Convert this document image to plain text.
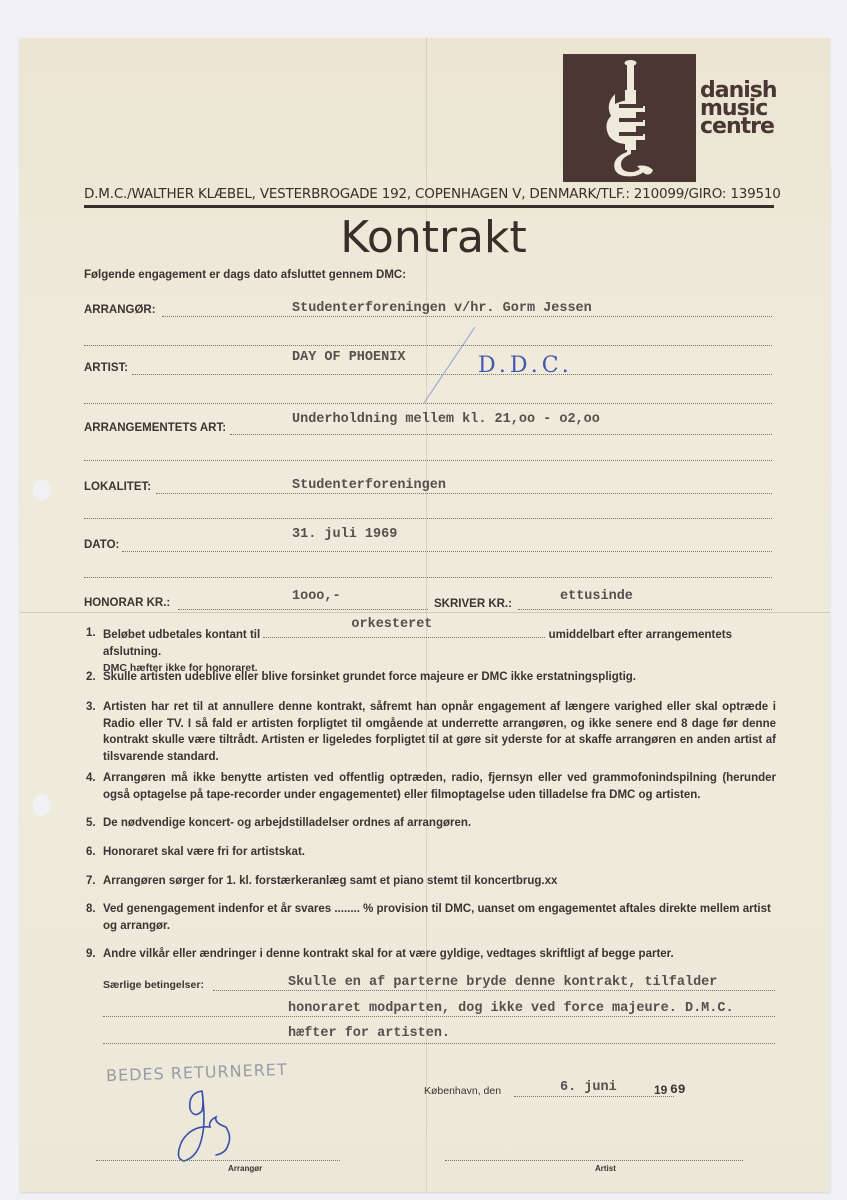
danish
music
centre
D.M.C./WALTHER KLÆBEL, VESTERBROGADE 192, COPENHAGEN V, DENMARK/TLF.: 210099/GIRO: 139510
Kontrakt
Følgende engagement er dags dato afsluttet gennem DMC:
ARRANGØR:	Studenterforeningen v/hr. Gorm Jessen
ARTIST:
DAY OF PHOENIX	D.D.C.
ARRANGEMENTETS ART:
Underholdning mellem kl. 21,oo - o2,oo
LOKALITET:	Studenterforeningen
DATO:
31. juli 1969
HONORAR KR.:	1ooo,-	SKRIVER KR.:	ettusinde
1. Beløbet udbetales kontant til
orkesteret
umiddelbart efter arrangementets afslutning.
DMC hæfter ikke for honoraret.
2. Skulle artisten udeblive eller blive forsinket grundet force majeure er DMC ikke erstatningspligtig.
3. Artisten har ret til at annullere denne kontrakt, såfremt han opnår engagement af længere varighed eller skal optræde i Radio eller TV. I så fald er artisten forpligtet til omgående at underrette arrangøren, og ikke senere end 8 dage før denne kontrakt skulle være tiltrådt. Artisten er ligeledes forpligtet til at gøre sit yderste for at skaffe arrangøren en anden artist af tilsvarende standard.
4. Arrangøren må ikke benytte artisten ved offentlig optræden, radio, fjernsyn eller ved grammofonindspilning (herunder også optagelse på tape-recorder under engagementet) eller filmoptagelse uden tilladelse fra DMC og artisten.
5. De nødvendige koncert- og arbejdstilladelser ordnes af arrangøren.
6. Honoraret skal være fri for artistskat.
7. Arrangøren sørger for 1. kl. forstærkeranlæg samt et piano stemt til koncertbrug.xx
8. Ved genengagement indenfor et år svares ........ % provision til DMC, uanset om engagementet aftales direkte mellem artist og arrangør.
9. Andre vilkår eller ændringer i denne kontrakt skal for at være gyldige, vedtages skriftligt af begge parter.
Særlige betingelser:	Skulle en af parterne bryde denne kontrakt, tilfalder
honoraret modparten, dog ikke ved force majeure. D.M.C.
hæfter for artisten.
BEDES RETURNERET
København, den	6. juni	19 69
Arrangør	Artist
